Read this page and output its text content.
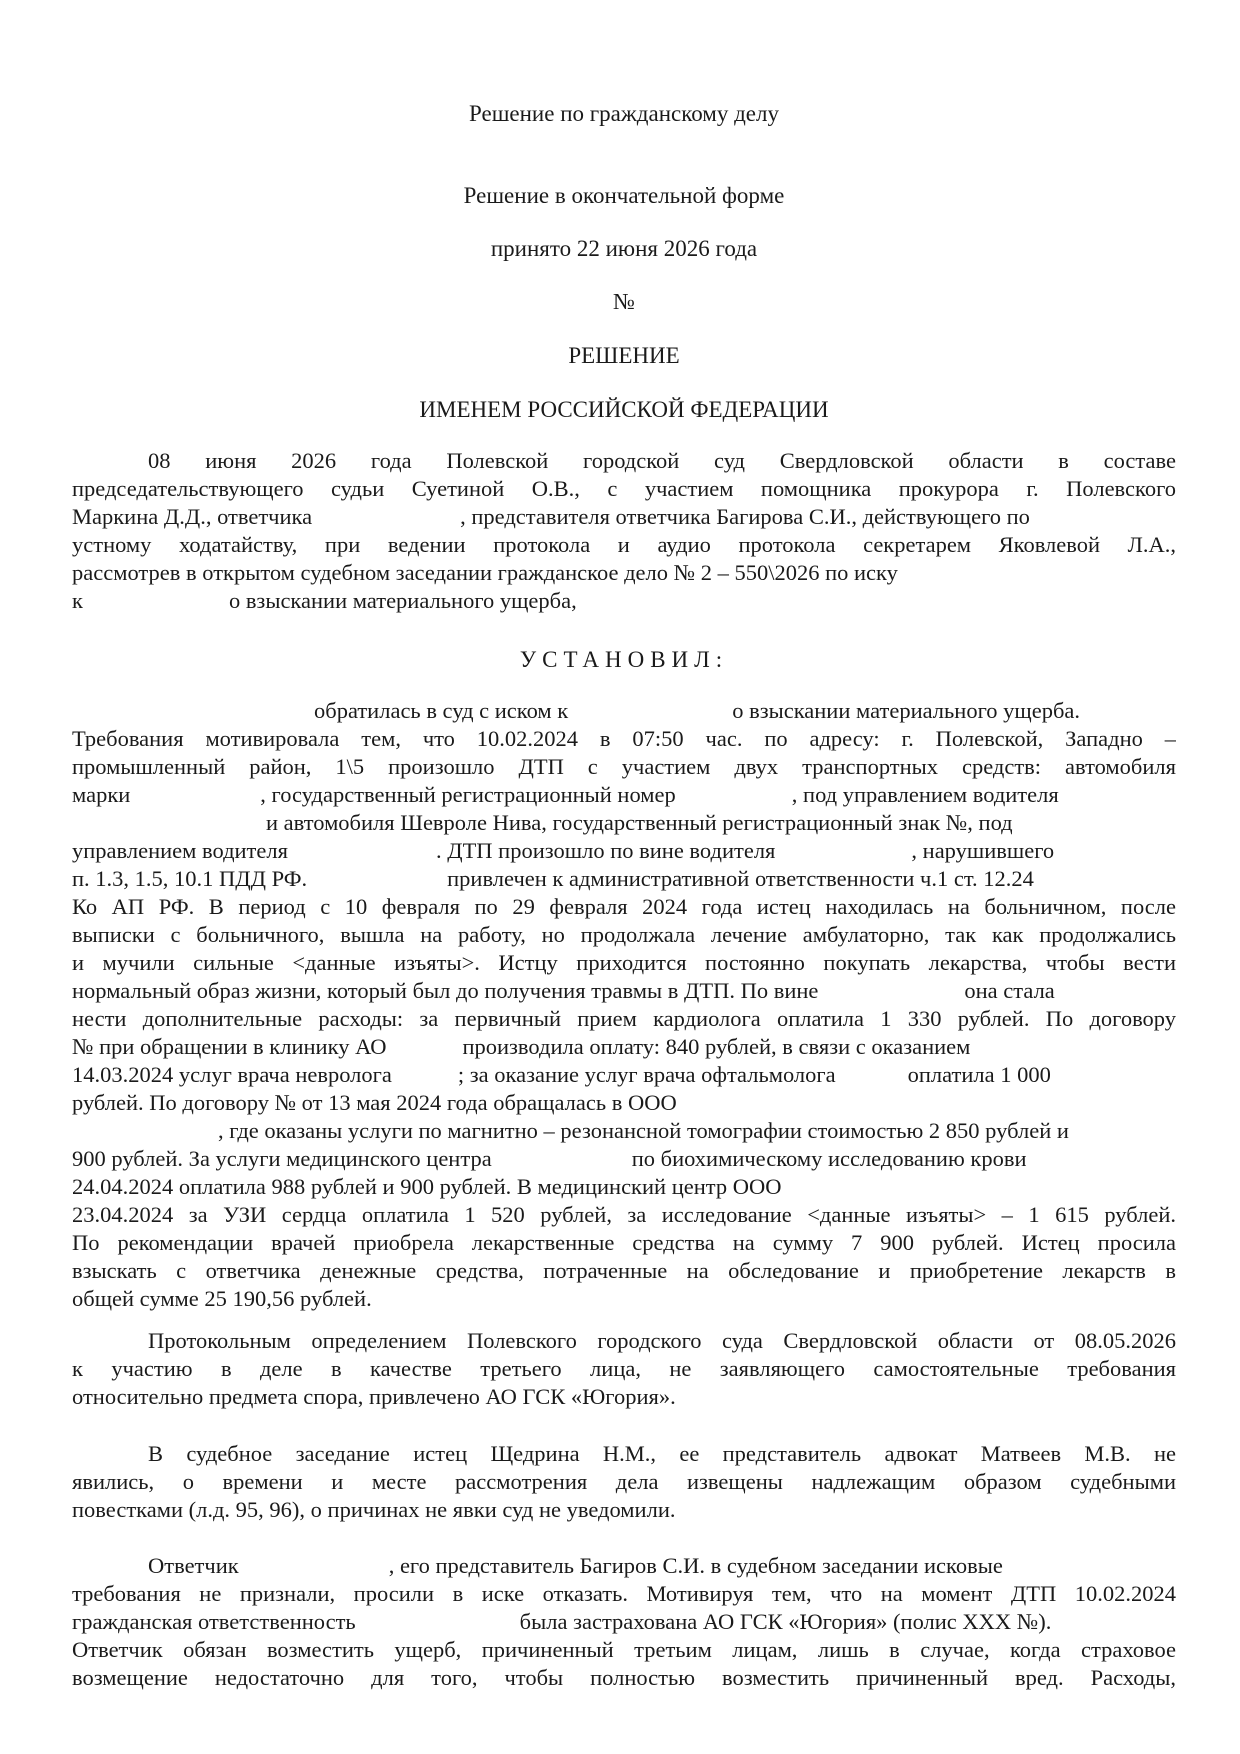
Решение по гражданскому делу

Решение в окончательной форме

принято 22 июня 2026 года

№

РЕШЕНИЕ

ИМЕНЕМ РОССИЙСКОЙ ФЕДЕРАЦИИ

08 июня 2026 года Полевской городской суд Свердловской области в составе
председательствующего судьи Суетиной О.В., с участием помощника прокурора г. Полевского
Маркина Д.Д., ответчика	, представителя ответчика Багирова С.И., действующего по
устному ходатайству, при ведении протокола и аудио протокола секретарем Яковлевой Л.А.,
рассмотрев в открытом судебном заседании гражданское дело № 2 – 550\2026 по иску
к	о взыскании материального ущерба,

УСТАНОВИЛ:

обратилась в суд с иском к	о взыскании материального ущерба.
Требования мотивировала тем, что 10.02.2024 в 07:50 час. по адресу: г. Полевской, Западно –
промышленный район, 1\5 произошло ДТП с участием двух транспортных средств: автомобиля
марки	, государственный регистрационный номер	, под управлением водителя
и автомобиля Шевроле Нива, государственный регистрационный знак №, под
управлением водителя	. ДТП произошло по вине водителя	, нарушившего
п. 1.3, 1.5, 10.1 ПДД РФ.	привлечен к административной ответственности ч.1 ст. 12.24
Ко АП РФ. В период с 10 февраля по 29 февраля 2024 года истец находилась на больничном, после
выписки с больничного, вышла на работу, но продолжала лечение амбулаторно, так как продолжались
и мучили сильные <данные изъяты>. Истцу приходится постоянно покупать лекарства, чтобы вести
нормальный образ жизни, который был до получения травмы в ДТП. По вине	она стала
нести дополнительные расходы: за первичный прием кардиолога оплатила 1 330 рублей. По договору
№ при обращении в клинику АО	производила оплату: 840 рублей, в связи с оказанием
14.03.2024 услуг врача невролога	; за оказание услуг врача офтальмолога	оплатила 1 000
рублей. По договору № от 13 мая 2024 года обращалась в ООО
, где оказаны услуги по магнитно – резонансной томографии стоимостью 2 850 рублей и
900 рублей. За услуги медицинского центра	по биохимическому исследованию крови
24.04.2024 оплатила 988 рублей и 900 рублей. В медицинский центр ООО
23.04.2024 за УЗИ сердца оплатила 1 520 рублей, за исследование <данные изъяты> – 1 615 рублей.
По рекомендации врачей приобрела лекарственные средства на сумму 7 900 рублей. Истец просила
взыскать с ответчика денежные средства, потраченные на обследование и приобретение лекарств в
общей сумме 25 190,56 рублей.
Протокольным определением Полевского городского суда Свердловской области от 08.05.2026
к участию в деле в качестве третьего лица, не заявляющего самостоятельные требования
относительно предмета спора, привлечено АО ГСК «Югория».
В судебное заседание истец Щедрина Н.М., ее представитель адвокат Матвеев М.В. не
явились, о времени и месте рассмотрения дела извещены надлежащим образом судебными
повестками (л.д. 95, 96), о причинах не явки суд не уведомили.
Ответчик	, его представитель Багиров С.И. в судебном заседании исковые
требования не признали, просили в иске отказать. Мотивируя тем, что на момент ДТП 10.02.2024
гражданская ответственность	была застрахована АО ГСК «Югория» (полис ХХХ №).
Ответчик обязан возместить ущерб, причиненный третьим лицам, лишь в случае, когда страховое
возмещение недостаточно для того, чтобы полностью возместить причиненный вред. Расходы,
